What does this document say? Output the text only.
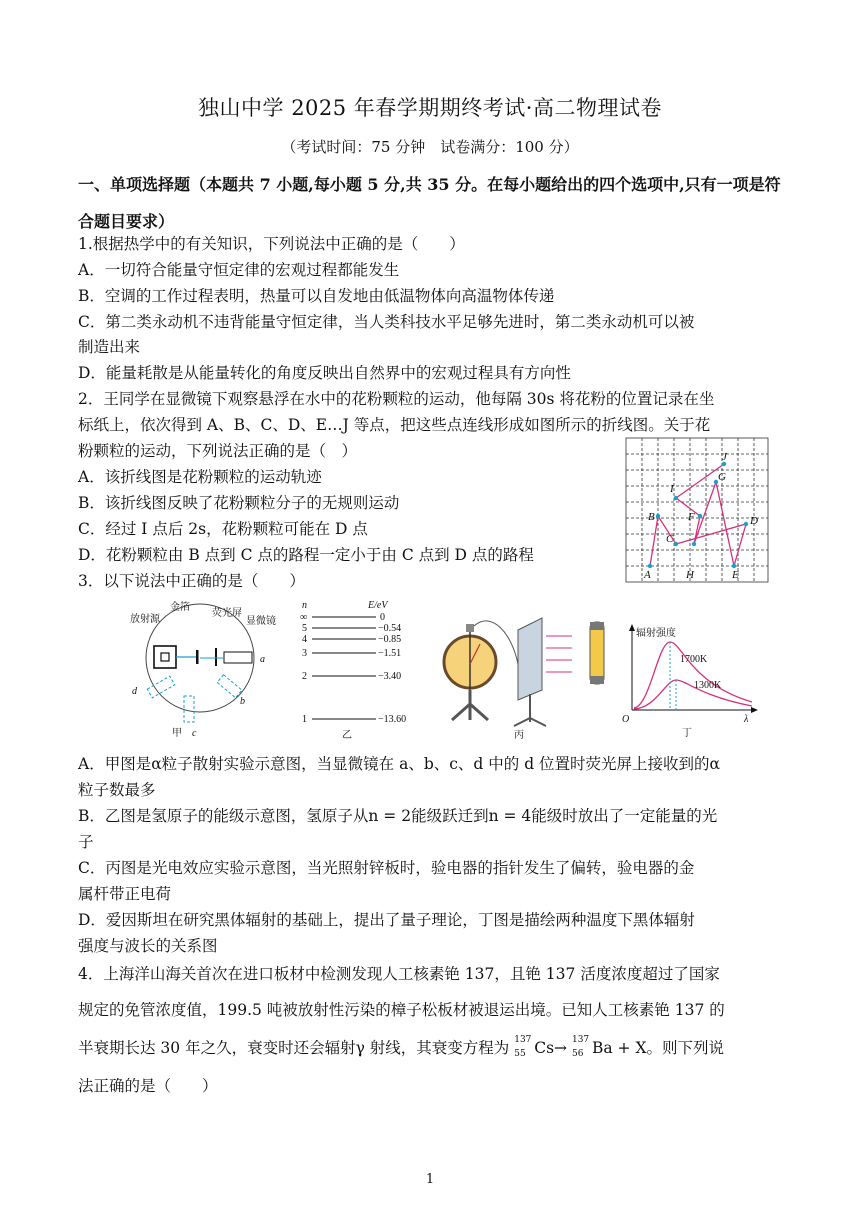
独山中学 2025 年春学期期终考试·高二物理试卷
（考试时间：75 分钟　试卷满分：100 分）
一、单项选择题（本题共 7 小题,每小题 5 分,共 35 分。在每小题给出的四个选项中,只有一项是符合题目要求）
1.根据热学中的有关知识，下列说法中正确的是（　　）
A．一切符合能量守恒定律的宏观过程都能发生
B．空调的工作过程表明，热量可以自发地由低温物体向高温物体传递
C．第二类永动机不违背能量守恒定律，当人类科技水平足够先进时，第二类永动机可以被
制造出来
D．能量耗散是从能量转化的角度反映出自然界中的宏观过程具有方向性
2．王同学在显微镜下观察悬浮在水中的花粉颗粒的运动，他每隔 30s 将花粉的位置记录在坐
标纸上，依次得到 A、B、C、D、E…J 等点，把这些点连线形成如图所示的折线图。关于花
粉颗粒的运动，下列说法正确的是（　）
A．该折线图是花粉颗粒的运动轨迹
B．该折线图反映了花粉颗粒分子的无规则运动
C．经过 I 点后 2s，花粉颗粒可能在 D 点
D．花粉颗粒由 B 点到 C 点的路程一定小于由 C 点到 D 点的路程
A
B
C
D
E
F
G
H
I
J
3．以下说法中正确的是（　　）
放射源
金箔
荧光屏
显微镜
a
b
c
d
甲
n	E/eV
∞	0
5	−0.54
4	−0.85
3	−1.51
2	−3.40
1	−13.60
乙	丙
辐射强度
1700K
1300K
O	λ
丁
A．甲图是α粒子散射实验示意图，当显微镜在 a、b、c、d 中的 d 位置时荧光屏上接收到的α
粒子数最多
B．乙图是氢原子的能级示意图，氢原子从n = 2能级跃迁到n = 4能级时放出了一定能量的光
子
C．丙图是光电效应实验示意图，当光照射锌板时，验电器的指针发生了偏转，验电器的金
属杆带正电荷
D．爱因斯坦在研究黑体辐射的基础上，提出了量子理论，丁图是描绘两种温度下黑体辐射
强度与波长的关系图
4．上海洋山海关首次在进口板材中检测发现人工核素铯 137，且铯 137 活度浓度超过了国家
规定的免管浓度值，199.5 吨被放射性污染的樟子松板材被退运出境。已知人工核素铯 137 的
半衰期长达 30 年之久，衰变时还会辐射γ 射线，其衰变方程为 137
55 Cs→ 137
56 Ba + X。则下列说
法正确的是（　　）
1
